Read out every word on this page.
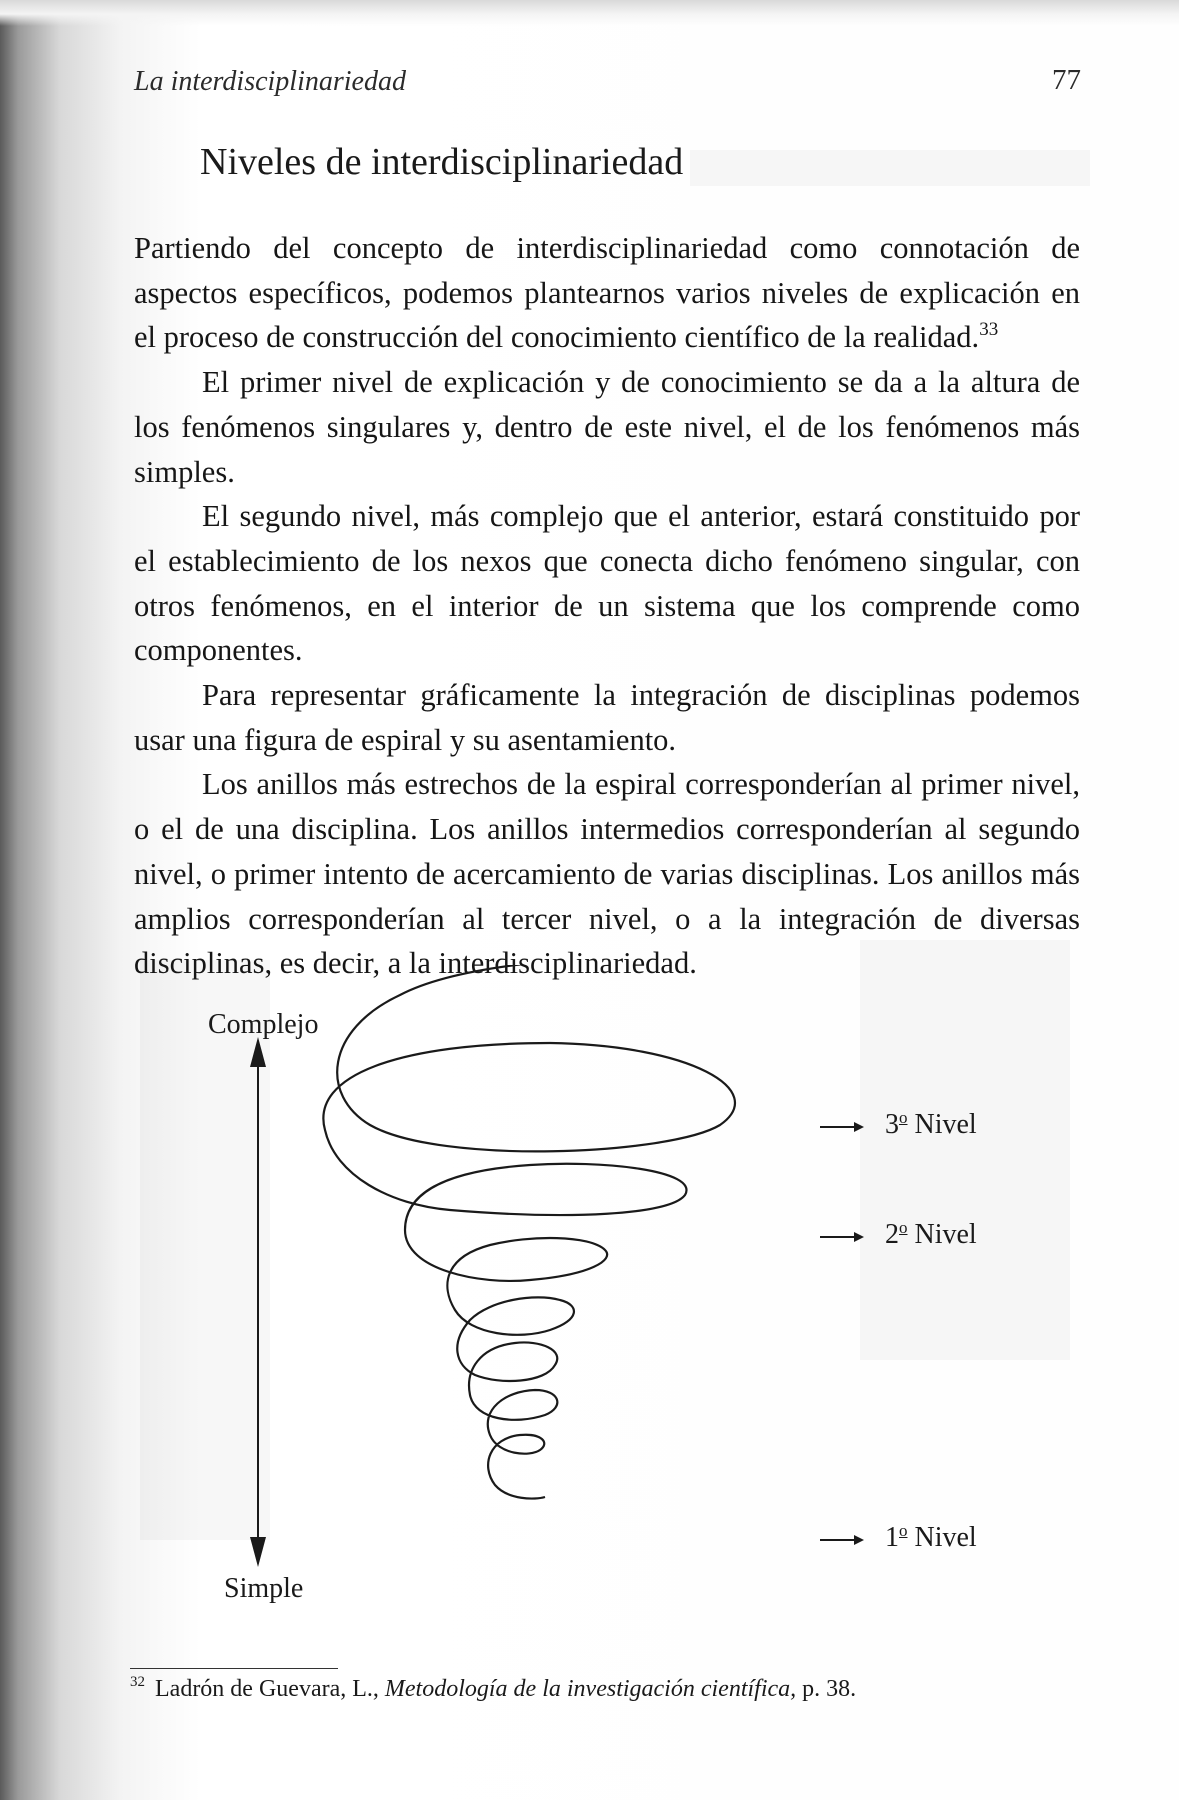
La interdisciplinariedad	77
Niveles de interdisciplinariedad

Partiendo del concepto de interdisciplinariedad como connotación de aspectos específicos, podemos plantearnos varios niveles de explicación en el proceso de construcción del conocimiento científico de la realidad.$^{33}$

El primer nivel de explicación y de conocimiento se da a la altura de los fenómenos singulares y, dentro de este nivel, el de los fenómenos más simples.

El segundo nivel, más complejo que el anterior, estará constituido por el establecimiento de los nexos que conecta dicho fenómeno singular, con otros fenómenos, en el interior de un sistema que los comprende como componentes.

Para representar gráficamente la integración de disciplinas podemos usar una figura de espiral y su asentamiento.

Los anillos más estrechos de la espiral corresponderían al primer nivel, o el de una disciplina. Los anillos intermedios corresponderían al segundo nivel, o primer intento de acercamiento de varias disciplinas. Los anillos más amplios corresponderían al tercer nivel, o a la integración de diversas disciplinas, es decir, a la interdisciplinariedad.

Complejo
Simple
3$^o$ Nivel
2$^o$ Nivel
1$^o$ Nivel
$^{32}$ Ladrón de Guevara, L., Metodología de la investigación científica, p. 38.
